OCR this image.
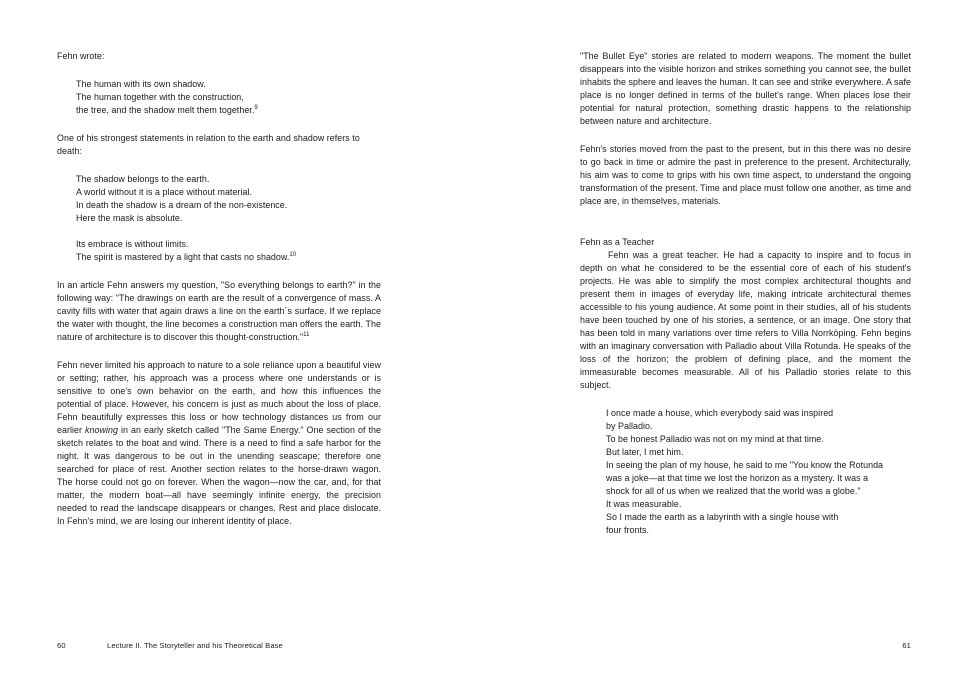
Fehn wrote:

The human with its own shadow.
The human together with the construction,
the tree, and the shadow melt them together.$^9$

One of his strongest statements in relation to the earth and shadow refers to death:

The shadow belongs to the earth.
A world without it is a place without material.
In death the shadow is a dream of the non-existence.
Here the mask is absolute.
Its embrace is without limits.
The spirit is mastered by a light that casts no shadow.$^{10}$

In an article Fehn answers my question, "So everything belongs to earth?" in the following way: "The drawings on earth are the result of a convergence of mass. A cavity fills with water that again draws a line on the earth´s surface. If we replace the water with thought, the line becomes a construction man offers the earth. The nature of architecture is to discover this thought-construction."$^{11}$

Fehn never limited his approach to nature to a sole reliance upon a beautiful view or setting; rather, his approach was a process where one understands or is sensitive to one's own behavior on the earth, and how this influences the potential of place. However, his concern is just as much about the loss of place. Fehn beautifully expresses this loss or how technology distances us from our earlier knowing in an early sketch called "The Same Energy." One section of the sketch relates to the boat and wind. There is a need to find a safe harbor for the night. It was dangerous to be out in the unending seascape; therefore one searched for place of rest. Another section relates to the horse-drawn wagon. The horse could not go on forever. When the wagon—now the car, and, for that matter, the modern boat—all have seemingly infinite energy, the precision needed to read the landscape disappears or changes. Rest and place dislocate. In Fehn's mind, we are losing our inherent identity of place.

60	Lecture II. The Storyteller and his Theoretical Base

"The Bullet Eye" stories are related to modern weapons. The moment the bullet disappears into the visible horizon and strikes something you cannot see, the bullet inhabits the sphere and leaves the human. It can see and strike everywhere. A safe place is no longer defined in terms of the bullet's range. When places lose their potential for natural protection, something drastic happens to the relationship between nature and architecture.

Fehn's stories moved from the past to the present, but in this there was no desire to go back in time or admire the past in preference to the present. Architecturally, his aim was to come to grips with his own time aspect, to understand the ongoing transformation of the present. Time and place must follow one another, as time and place are, in themselves, materials.

Fehn as a Teacher

Fehn was a great teacher. He had a capacity to inspire and to focus in depth on what he considered to be the essential core of each of his student's projects. He was able to simplify the most complex architectural thoughts and present them in images of everyday life, making intricate architectural themes accessible to his young audience. At some point in their studies, all of his students have been touched by one of his stories, a sentence, or an image. One story that has been told in many variations over time refers to Villa Norrköping. Fehn begins with an imaginary conversation with Palladio about Villa Rotunda. He speaks of the loss of the horizon; the problem of defining place, and the moment the immeasurable becomes measurable. All of his Palladio stories relate to this subject.

I once made a house, which everybody said was inspired
by Palladio.
To be honest Palladio was not on my mind at that time.
But later, I met him.
In seeing the plan of my house, he said to me "You know the Rotunda
was a joke—at that time we lost the horizon as a mystery. It was a
shock for all of us when we realized that the world was a globe."
It was measurable.
So I made the earth as a labyrinth with a single house with
four fronts.
61
